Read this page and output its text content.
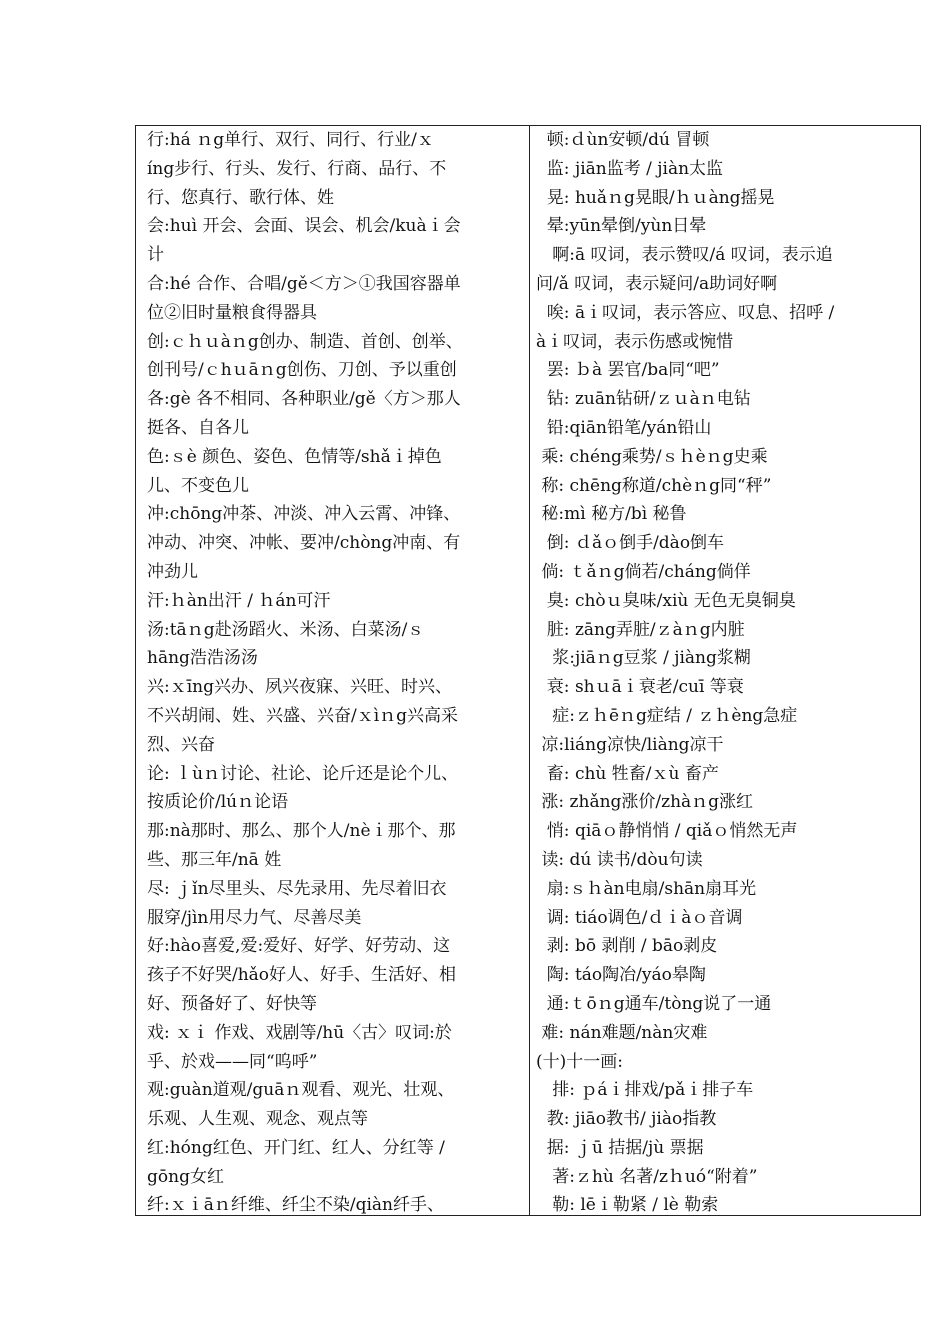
行:há ｎg单行、双行、同行、行业/ｘ
íng步行、行头、发行、行商、品行、不
行、您真行、歌行体、姓
会:huì 开会、会面、误会、机会/kuàｉ会
计
合:hé 合作、合唱/gě＜方＞①我国容器单
位②旧时量粮食得器具
创:ｃｈｕàｎg创办、制造、首创、创举、
创刊号/ｃhｕāｎg创伤、刀创、予以重创
各:gè 各不相同、各种职业/gě〈方＞那人
挺各、自各儿
色:ｓè 颜色、姿色、色情等/shǎｉ掉色
儿、不变色儿
冲:chōng冲茶、冲淡、冲入云霄、冲锋、
冲动、冲突、冲帐、要冲/chòng冲南、有
冲劲儿
汗:ｈàn出汗 / ｈán可汗
汤:tāｎg赴汤蹈火、米汤、白菜汤/ｓ
hāng浩浩汤汤
兴:ｘīng兴办、夙兴夜寐、兴旺、时兴、
不兴胡闹、姓、兴盛、兴奋/ｘìｎg兴高采
烈、兴奋
论: ｌùｎ讨论、社论、论斤还是论个儿、
按质论价/lúｎ论语
那:nà那时、那么、那个人/nèｉ那个、那
些、那三年/nā 姓
尽: ｊǐn尽里头、尽先录用、先尽着旧衣
服穿/jìn用尽力气、尽善尽美
好:hào喜爱,爱:爱好、好学、好劳动、这
孩子不好哭/hǎo好人、好手、生活好、相
好、预备好了、好快等
戏: ｘｉ 作戏、戏剧等/hū〈古〉叹词:於
乎、於戏——同“呜呼”
观:guàn道观/guāｎ观看、观光、壮观、
乐观、人生观、观念、观点等
红:hóng红色、开门红、红人、分红等 /
gōng女红
纤:ｘｉāｎ纤维、纤尘不染/qiàn纤手、
顿:ｄùn安顿/dú 冒顿
监: jiān监考 / jiàn太监
晃: huǎｎg晃眼/ｈｕàng摇晃
晕:yūn晕倒/yùn日晕
啊:ā 叹词，表示赞叹/á 叹词，表示追
问/ǎ 叹词，表示疑问/a助词好啊
唉: āｉ叹词，表示答应、叹息、招呼 /
àｉ叹词，表示伤感或惋惜
罢: ｂà 罢官/ba同“吧”
钻: zuān钻研/ｚｕàｎ电钻
铅:qiān铅笔/yán铅山
乘: chéng乘势/ｓｈèｎg史乘
称: chēng称道/chèｎg同“秤”
秘:mì 秘方/bì 秘鲁
倒: ｄǎｏ倒手/dào倒车
倘: ｔǎｎg倘若/cháng倘佯
臭: chòｕ臭味/xiù 无色无臭铜臭
脏: zāng弄脏/ｚàｎg内脏
浆:jiāｎg豆浆 / jiàng浆糊
衰: shｕāｉ衰老/cuī 等衰
症:ｚｈēｎg症结 / ｚｈèng急症
凉:liáng凉快/liàng凉干
畜: chù 牲畜/ｘù 畜产
涨: zhǎng涨价/zhàｎg涨红
悄: qiāｏ静悄悄 / qiǎｏ悄然无声
读: dú 读书/dòu句读
扇:ｓｈàn电扇/shān扇耳光
调: tiáo调色/ｄｉàｏ音调
剥: bō 剥削 / bāo剥皮
陶: táo陶冶/yáo皋陶
通:ｔōｎg通车/tòng说了一通
难: nán难题/nàn灾难
(十)十一画:
排: ｐáｉ排戏/pǎｉ排子车
教: jiāo教书/ jiào指教
据: ｊū 拮据/jù 票据
著:ｚhù 名著/zｈuó“附着”
勒: lēｉ勒紧 / lè 勒索
